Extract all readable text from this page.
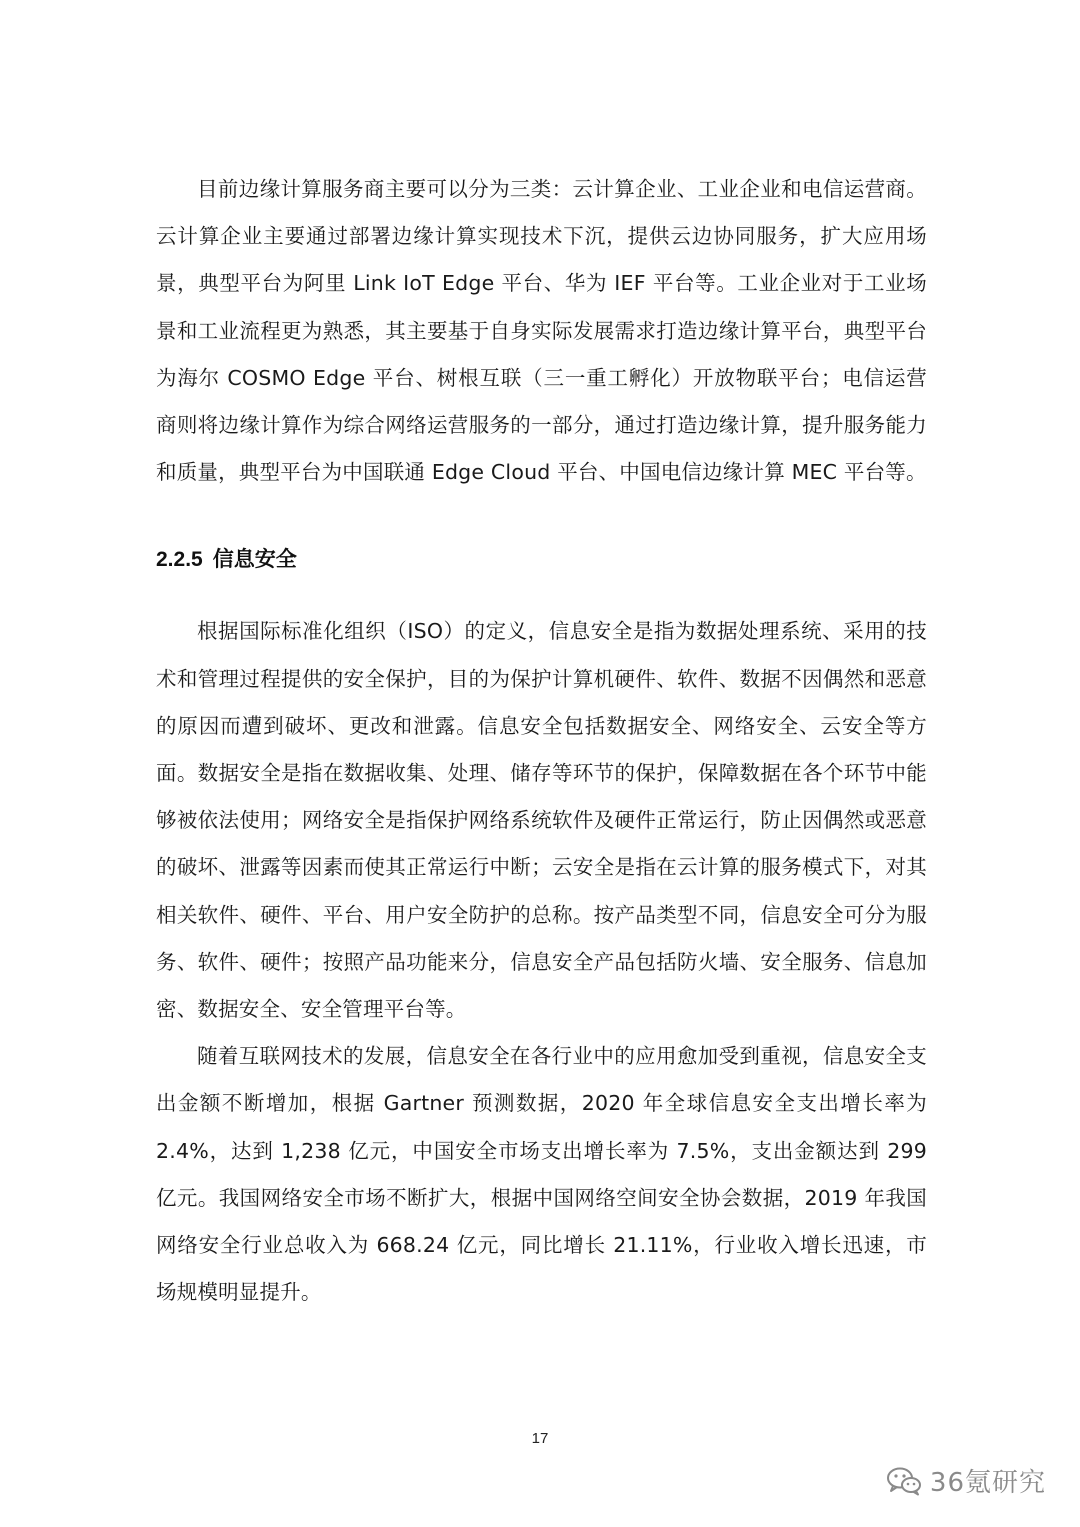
目前边缘计算服务商主要可以分为三类：云计算企业、工业企业和电信运营商。云计算企业主要通过部署边缘计算实现技术下沉，提供云边协同服务，扩大应用场景，典型平台为阿里 Link IoT Edge 平台、华为 IEF 平台等。工业企业对于工业场景和工业流程更为熟悉，其主要基于自身实际发展需求打造边缘计算平台，典型平台为海尔 COSMO Edge 平台、树根互联（三一重工孵化）开放物联平台；电信运营商则将边缘计算作为综合网络运营服务的一部分，通过打造边缘计算，提升服务能力和质量，典型平台为中国联通 Edge Cloud 平台、中国电信边缘计算 MEC 平台等。

2.2.5 信息安全

根据国际标准化组织（ISO）的定义，信息安全是指为数据处理系统、采用的技术和管理过程提供的安全保护，目的为保护计算机硬件、软件、数据不因偶然和恶意的原因而遭到破坏、更改和泄露。信息安全包括数据安全、网络安全、云安全等方面。数据安全是指在数据收集、处理、储存等环节的保护，保障数据在各个环节中能够被依法使用；网络安全是指保护网络系统软件及硬件正常运行，防止因偶然或恶意的破坏、泄露等因素而使其正常运行中断；云安全是指在云计算的服务模式下，对其相关软件、硬件、平台、用户安全防护的总称。按产品类型不同，信息安全可分为服务、软件、硬件；按照产品功能来分，信息安全产品包括防火墙、安全服务、信息加密、数据安全、安全管理平台等。

随着互联网技术的发展，信息安全在各行业中的应用愈加受到重视，信息安全支出金额不断增加，根据 Gartner 预测数据，2020 年全球信息安全支出增长率为 2.4%，达到 1,238 亿元，中国安全市场支出增长率为 7.5%，支出金额达到 299 亿元。我国网络安全市场不断扩大，根据中国网络空间安全协会数据，2019 年我国网络安全行业总收入为 668.24 亿元，同比增长 21.11%，行业收入增长迅速，市场规模明显提升。

17
36氪研究
